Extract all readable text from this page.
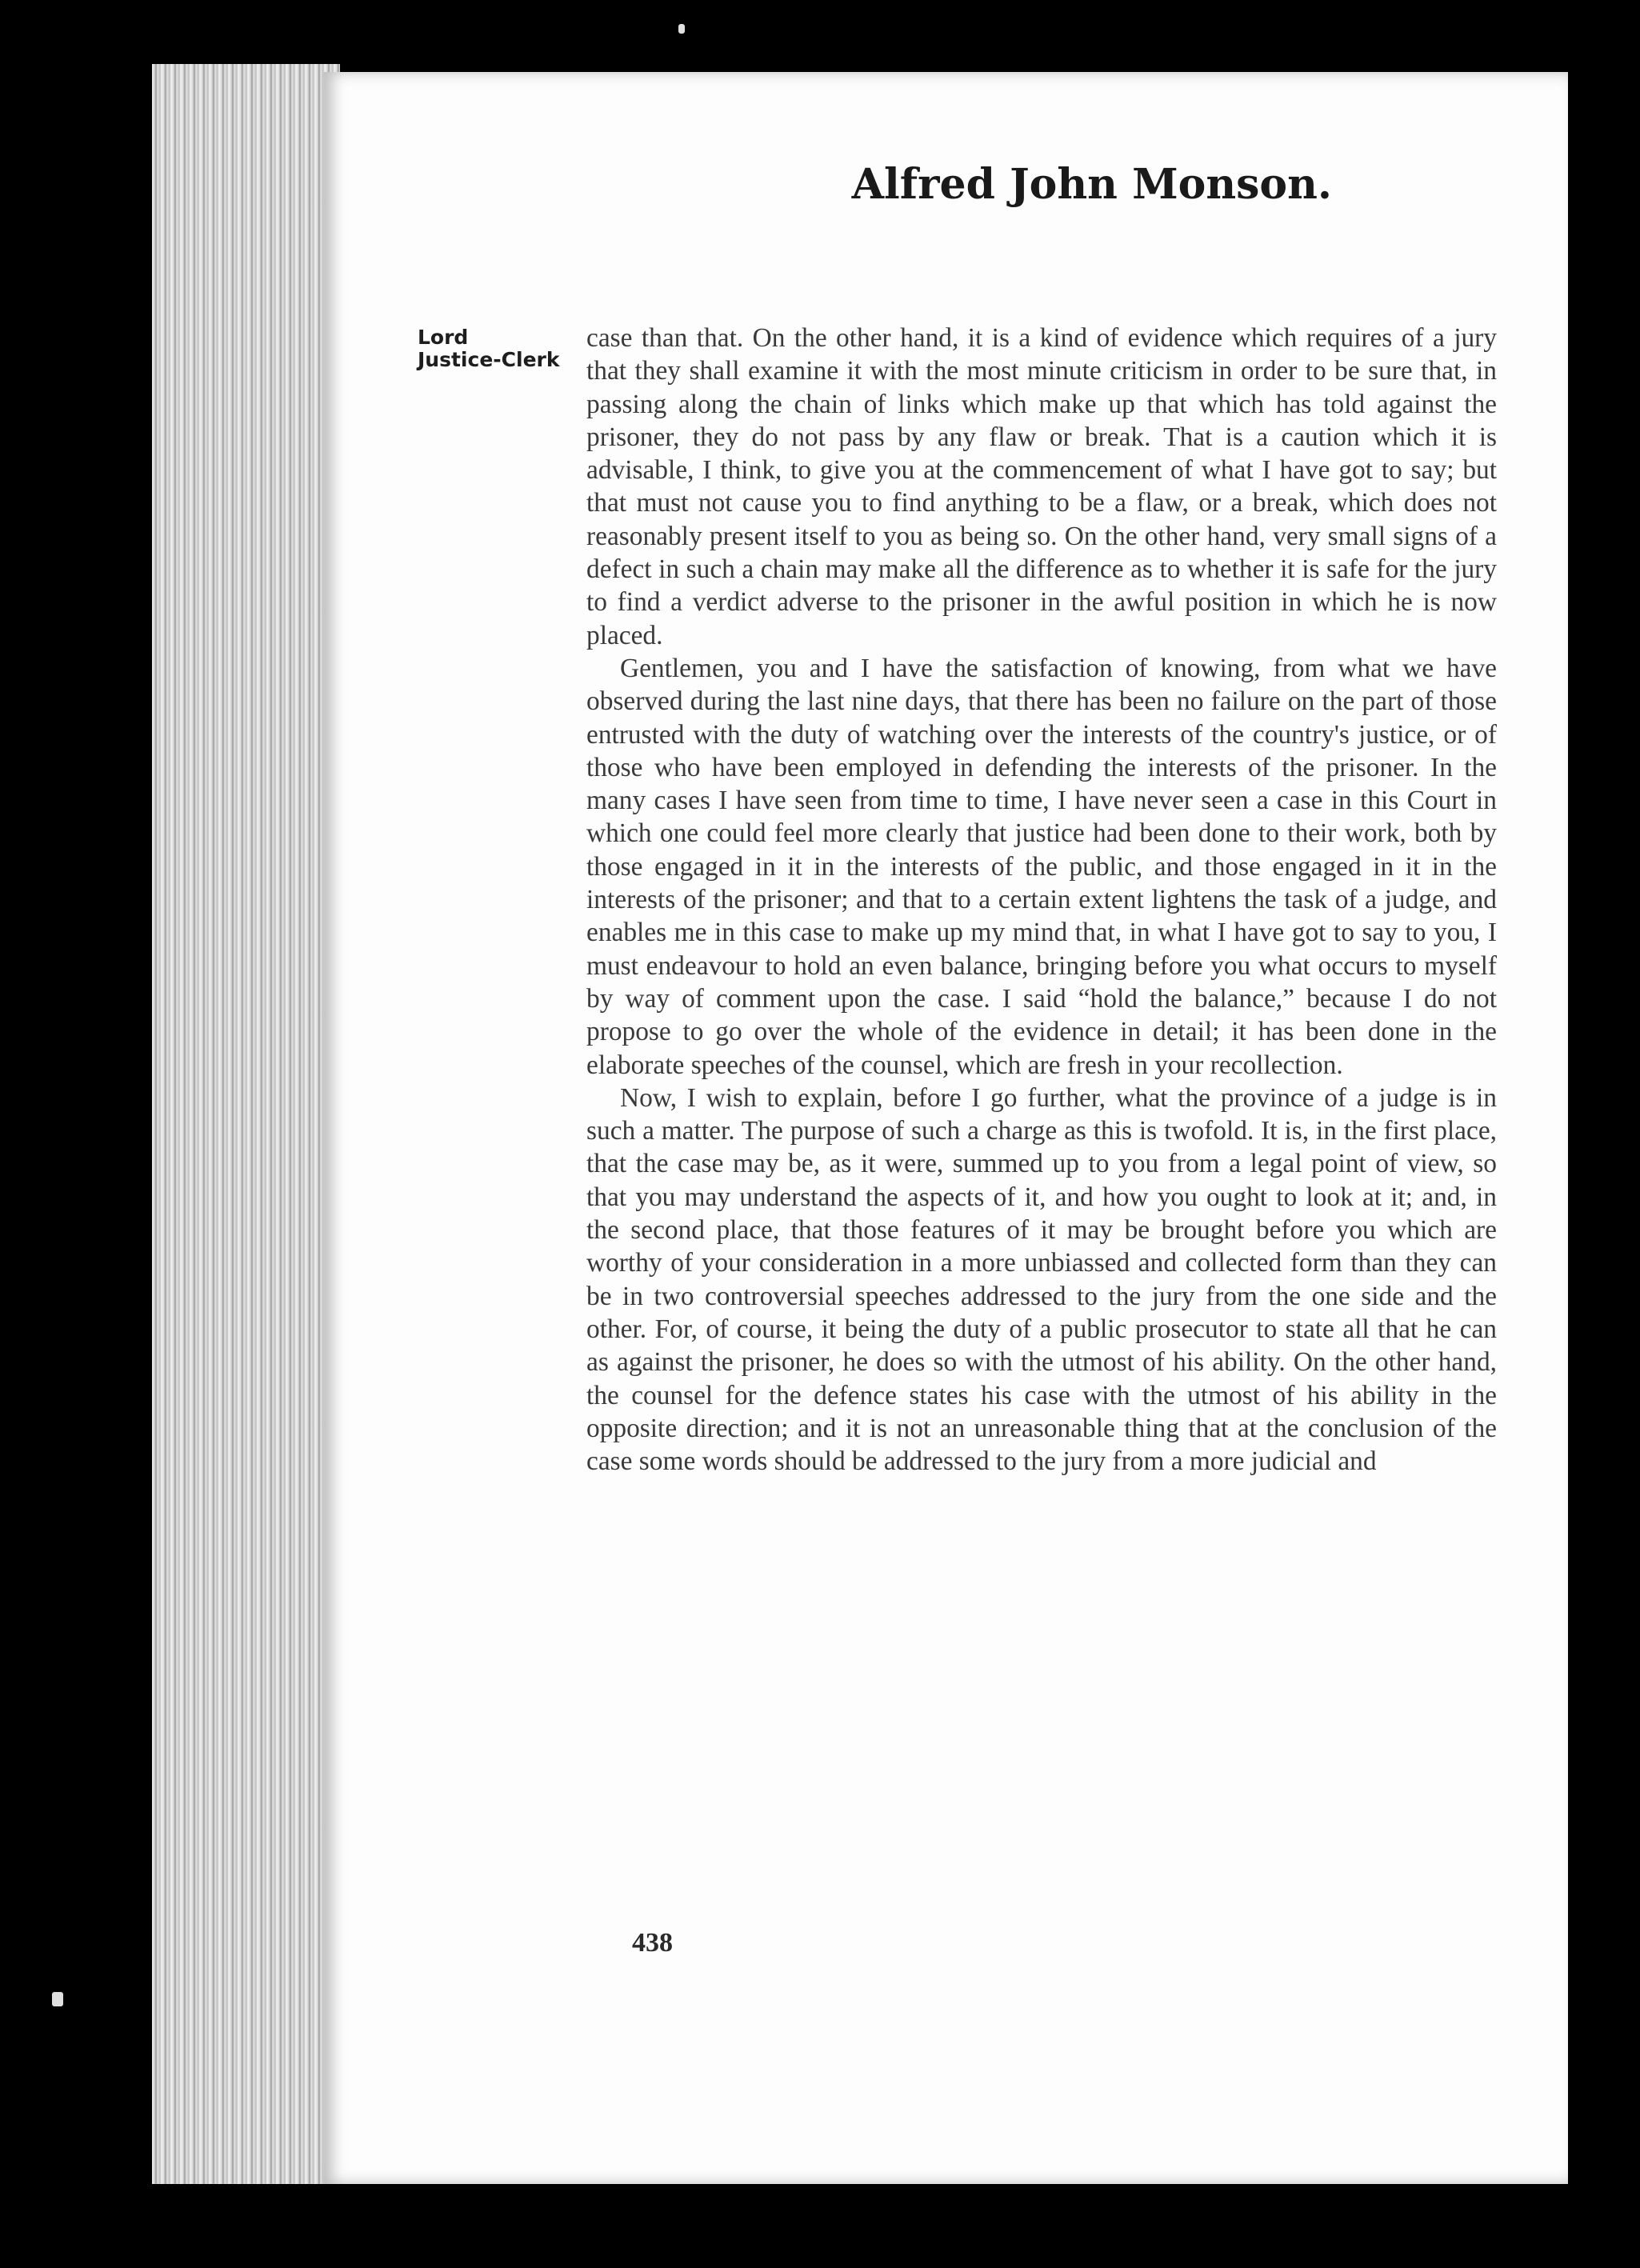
Alfred John Monson.
Lord
Justice-Clerk

case than that. On the other hand, it is a kind of evidence which requires of a jury that they shall examine it with the most minute criticism in order to be sure that, in passing along the chain of links which make up that which has told against the prisoner, they do not pass by any flaw or break. That is a caution which it is advisable, I think, to give you at the commencement of what I have got to say; but that must not cause you to find anything to be a flaw, or a break, which does not reasonably present itself to you as being so. On the other hand, very small signs of a defect in such a chain may make all the difference as to whether it is safe for the jury to find a verdict adverse to the prisoner in the awful position in which he is now placed.

Gentlemen, you and I have the satisfaction of knowing, from what we have observed during the last nine days, that there has been no failure on the part of those entrusted with the duty of watching over the interests of the country's justice, or of those who have been employed in defending the interests of the prisoner. In the many cases I have seen from time to time, I have never seen a case in this Court in which one could feel more clearly that justice had been done to their work, both by those engaged in it in the interests of the public, and those engaged in it in the interests of the prisoner; and that to a certain extent lightens the task of a judge, and enables me in this case to make up my mind that, in what I have got to say to you, I must endeavour to hold an even balance, bringing before you what occurs to myself by way of comment upon the case. I said “hold the balance,” because I do not propose to go over the whole of the evidence in detail; it has been done in the elaborate speeches of the counsel, which are fresh in your recollection.

Now, I wish to explain, before I go further, what the province of a judge is in such a matter. The purpose of such a charge as this is twofold. It is, in the first place, that the case may be, as it were, summed up to you from a legal point of view, so that you may understand the aspects of it, and how you ought to look at it; and, in the second place, that those features of it may be brought before you which are worthy of your consideration in a more unbiassed and collected form than they can be in two controversial speeches addressed to the jury from the one side and the other. For, of course, it being the duty of a public prosecutor to state all that he can as against the prisoner, he does so with the utmost of his ability. On the other hand, the counsel for the defence states his case with the utmost of his ability in the opposite direction; and it is not an unreasonable thing that at the conclusion of the case some words should be addressed to the jury from a more judicial and

438
